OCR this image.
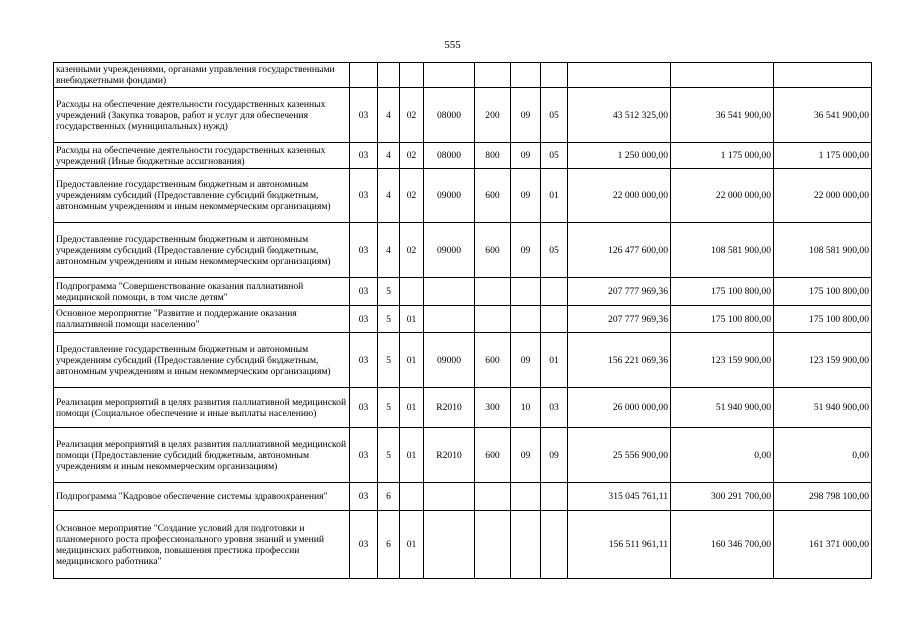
555
казенными учреждениями, органами управления государственными внебюджетными фондами)										
Расходы на обеспечение деятельности государственных казенных учреждений (Закупка товаров, работ и услуг для обеспечения государственных (муниципальных) нужд)	03	4	02	08000	200	09	05	43 512 325,00	36 541 900,00	36 541 900,00
Расходы на обеспечение деятельности государственных казенных учреждений (Иные бюджетные ассигнования)	03	4	02	08000	800	09	05	1 250 000,00	1 175 000,00	1 175 000,00
Предоставление государственным бюджетным и автономным учреждениям субсидий (Предоставление субсидий бюджетным, автономным учреждениям и иным некоммерческим организациям)	03	4	02	09000	600	09	01	22 000 000,00	22 000 000,00	22 000 000,00
Предоставление государственным бюджетным и автономным учреждениям субсидий (Предоставление субсидий бюджетным, автономным учреждениям и иным некоммерческим организациям)	03	4	02	09000	600	09	05	126 477 600,00	108 581 900,00	108 581 900,00
Подпрограмма "Совершенствование оказания паллиативной медицинской помощи, в том числе детям"	03	5						207 777 969,36	175 100 800,00	175 100 800,00
Основное мероприятие "Развитие и поддержание оказания паллиативной помощи населению"	03	5	01					207 777 969,36	175 100 800,00	175 100 800,00
Предоставление государственным бюджетным и автономным учреждениям субсидий (Предоставление субсидий бюджетным, автономным учреждениям и иным некоммерческим организациям)	03	5	01	09000	600	09	01	156 221 069,36	123 159 900,00	123 159 900,00
Реализация мероприятий в целях развития паллиативной медицинской помощи (Социальное обеспечение и иные выплаты населению)	03	5	01	R2010	300	10	03	26 000 000,00	51 940 900,00	51 940 900,00
Реализация мероприятий в целях развития паллиативной медицинской помощи (Предоставление субсидий бюджетным, автономным учреждениям и иным некоммерческим организациям)	03	5	01	R2010	600	09	09	25 556 900,00	0,00	0,00
Подпрограмма "Кадровое обеспечение системы здравоохранения"	03	6						315 045 761,11	300 291 700,00	298 798 100,00
Основное мероприятие "Создание условий для подготовки и планомерного роста профессионального уровня знаний и умений медицинских работников, повышения престижа профессии медицинского работника"	03	6	01					156 511 961,11	160 346 700,00	161 371 000,00
